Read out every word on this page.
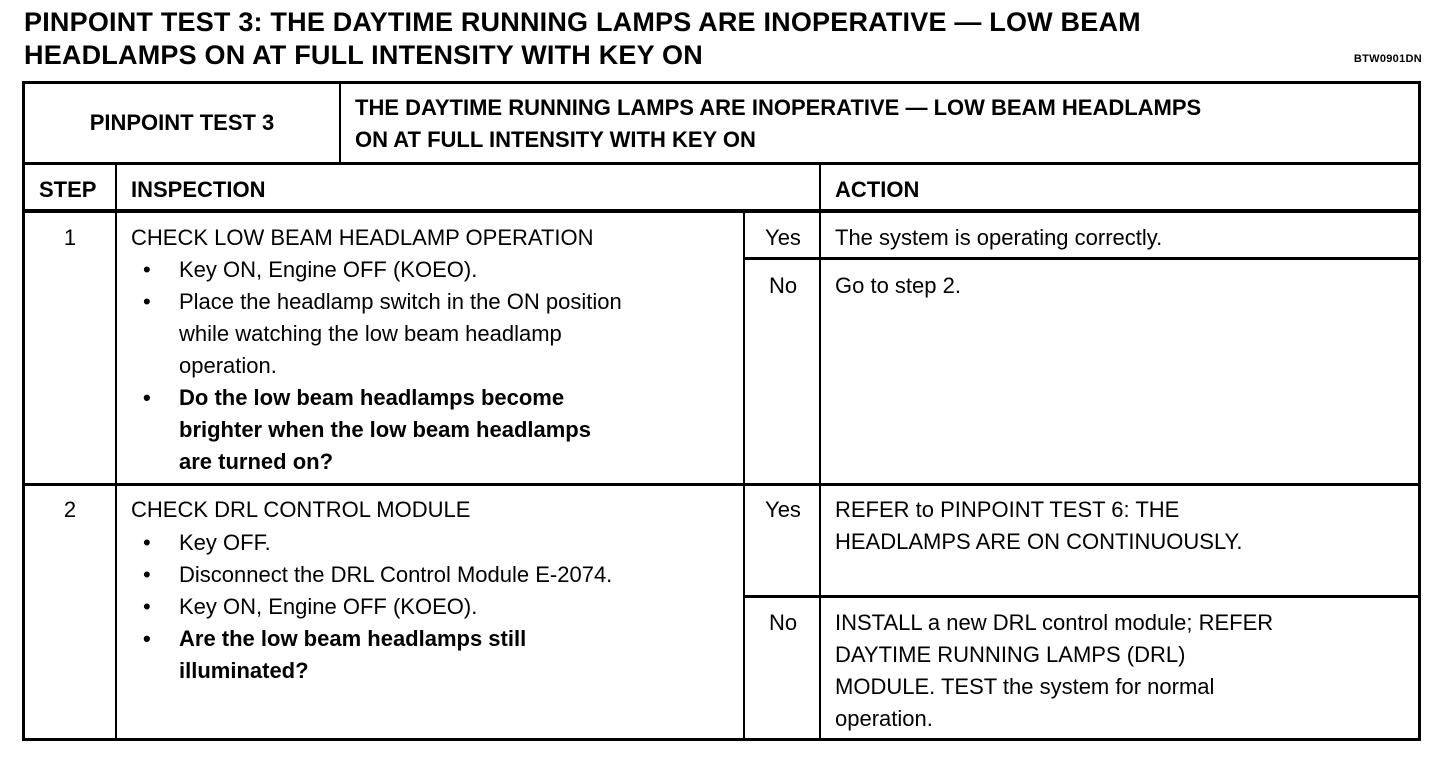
PINPOINT TEST 3: THE DAYTIME RUNNING LAMPS ARE INOPERATIVE — LOW BEAM
HEADLAMPS ON AT FULL INTENSITY WITH KEY ON	BTW0901DN
PINPOINT TEST 3
THE DAYTIME RUNNING LAMPS ARE INOPERATIVE — LOW BEAM HEADLAMPS
ON AT FULL INTENSITY WITH KEY ON
STEP INSPECTION	ACTION
1	CHECK LOW BEAM HEADLAMP OPERATION
• Key ON, Engine OFF (KOEO).
• Place the headlamp switch in the ON position
while watching the low beam headlamp
operation.
• Do the low beam headlamps become
brighter when the low beam headlamps
are turned on?
Yes	The system is operating correctly.
No	Go to step 2.
2	CHECK DRL CONTROL MODULE
• Key OFF.
• Disconnect the DRL Control Module E-2074.
• Key ON, Engine OFF (KOEO).
• Are the low beam headlamps still
illuminated?
Yes	REFER to PINPOINT TEST 6: THE
HEADLAMPS ARE ON CONTINUOUSLY.
No	INSTALL a new DRL control module; REFER
DAYTIME RUNNING LAMPS (DRL)
MODULE. TEST the system for normal
operation.
